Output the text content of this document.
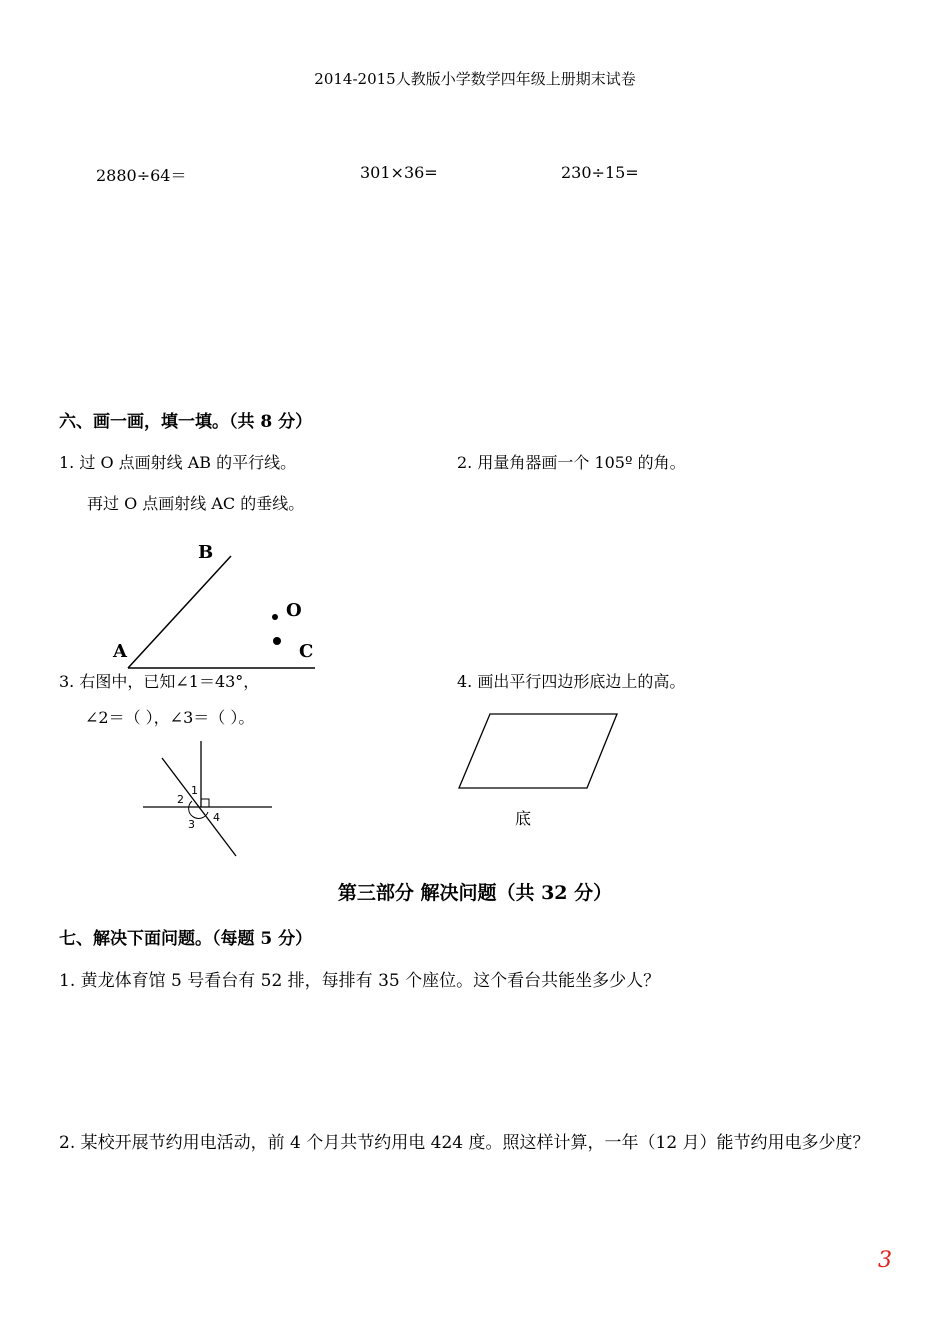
2014-2015人教版小学数学四年级上册期末试卷
2880÷64＝	301×36=	230÷15=
六、画一画，填一填。（共 8 分）
1. 过 O 点画射线 AB 的平行线。
再过 O 点画射线 AC 的垂线。
2. 用量角器画一个 105º 的角。
B
O
A	C
3. 右图中，已知∠1＝43°，
∠2＝（ ），∠3＝（ ）。
4. 画出平行四边形底边上的高。
1
2
3
4	底
第三部分 解决问题（共 32 分）
七、解决下面问题。（每题 5 分）
1. 黄龙体育馆 5 号看台有 52 排，每排有 35 个座位。这个看台共能坐多少人？
2. 某校开展节约用电活动，前 4 个月共节约用电 424 度。照这样计算，一年（12 月）能节约用电多少度？
3
